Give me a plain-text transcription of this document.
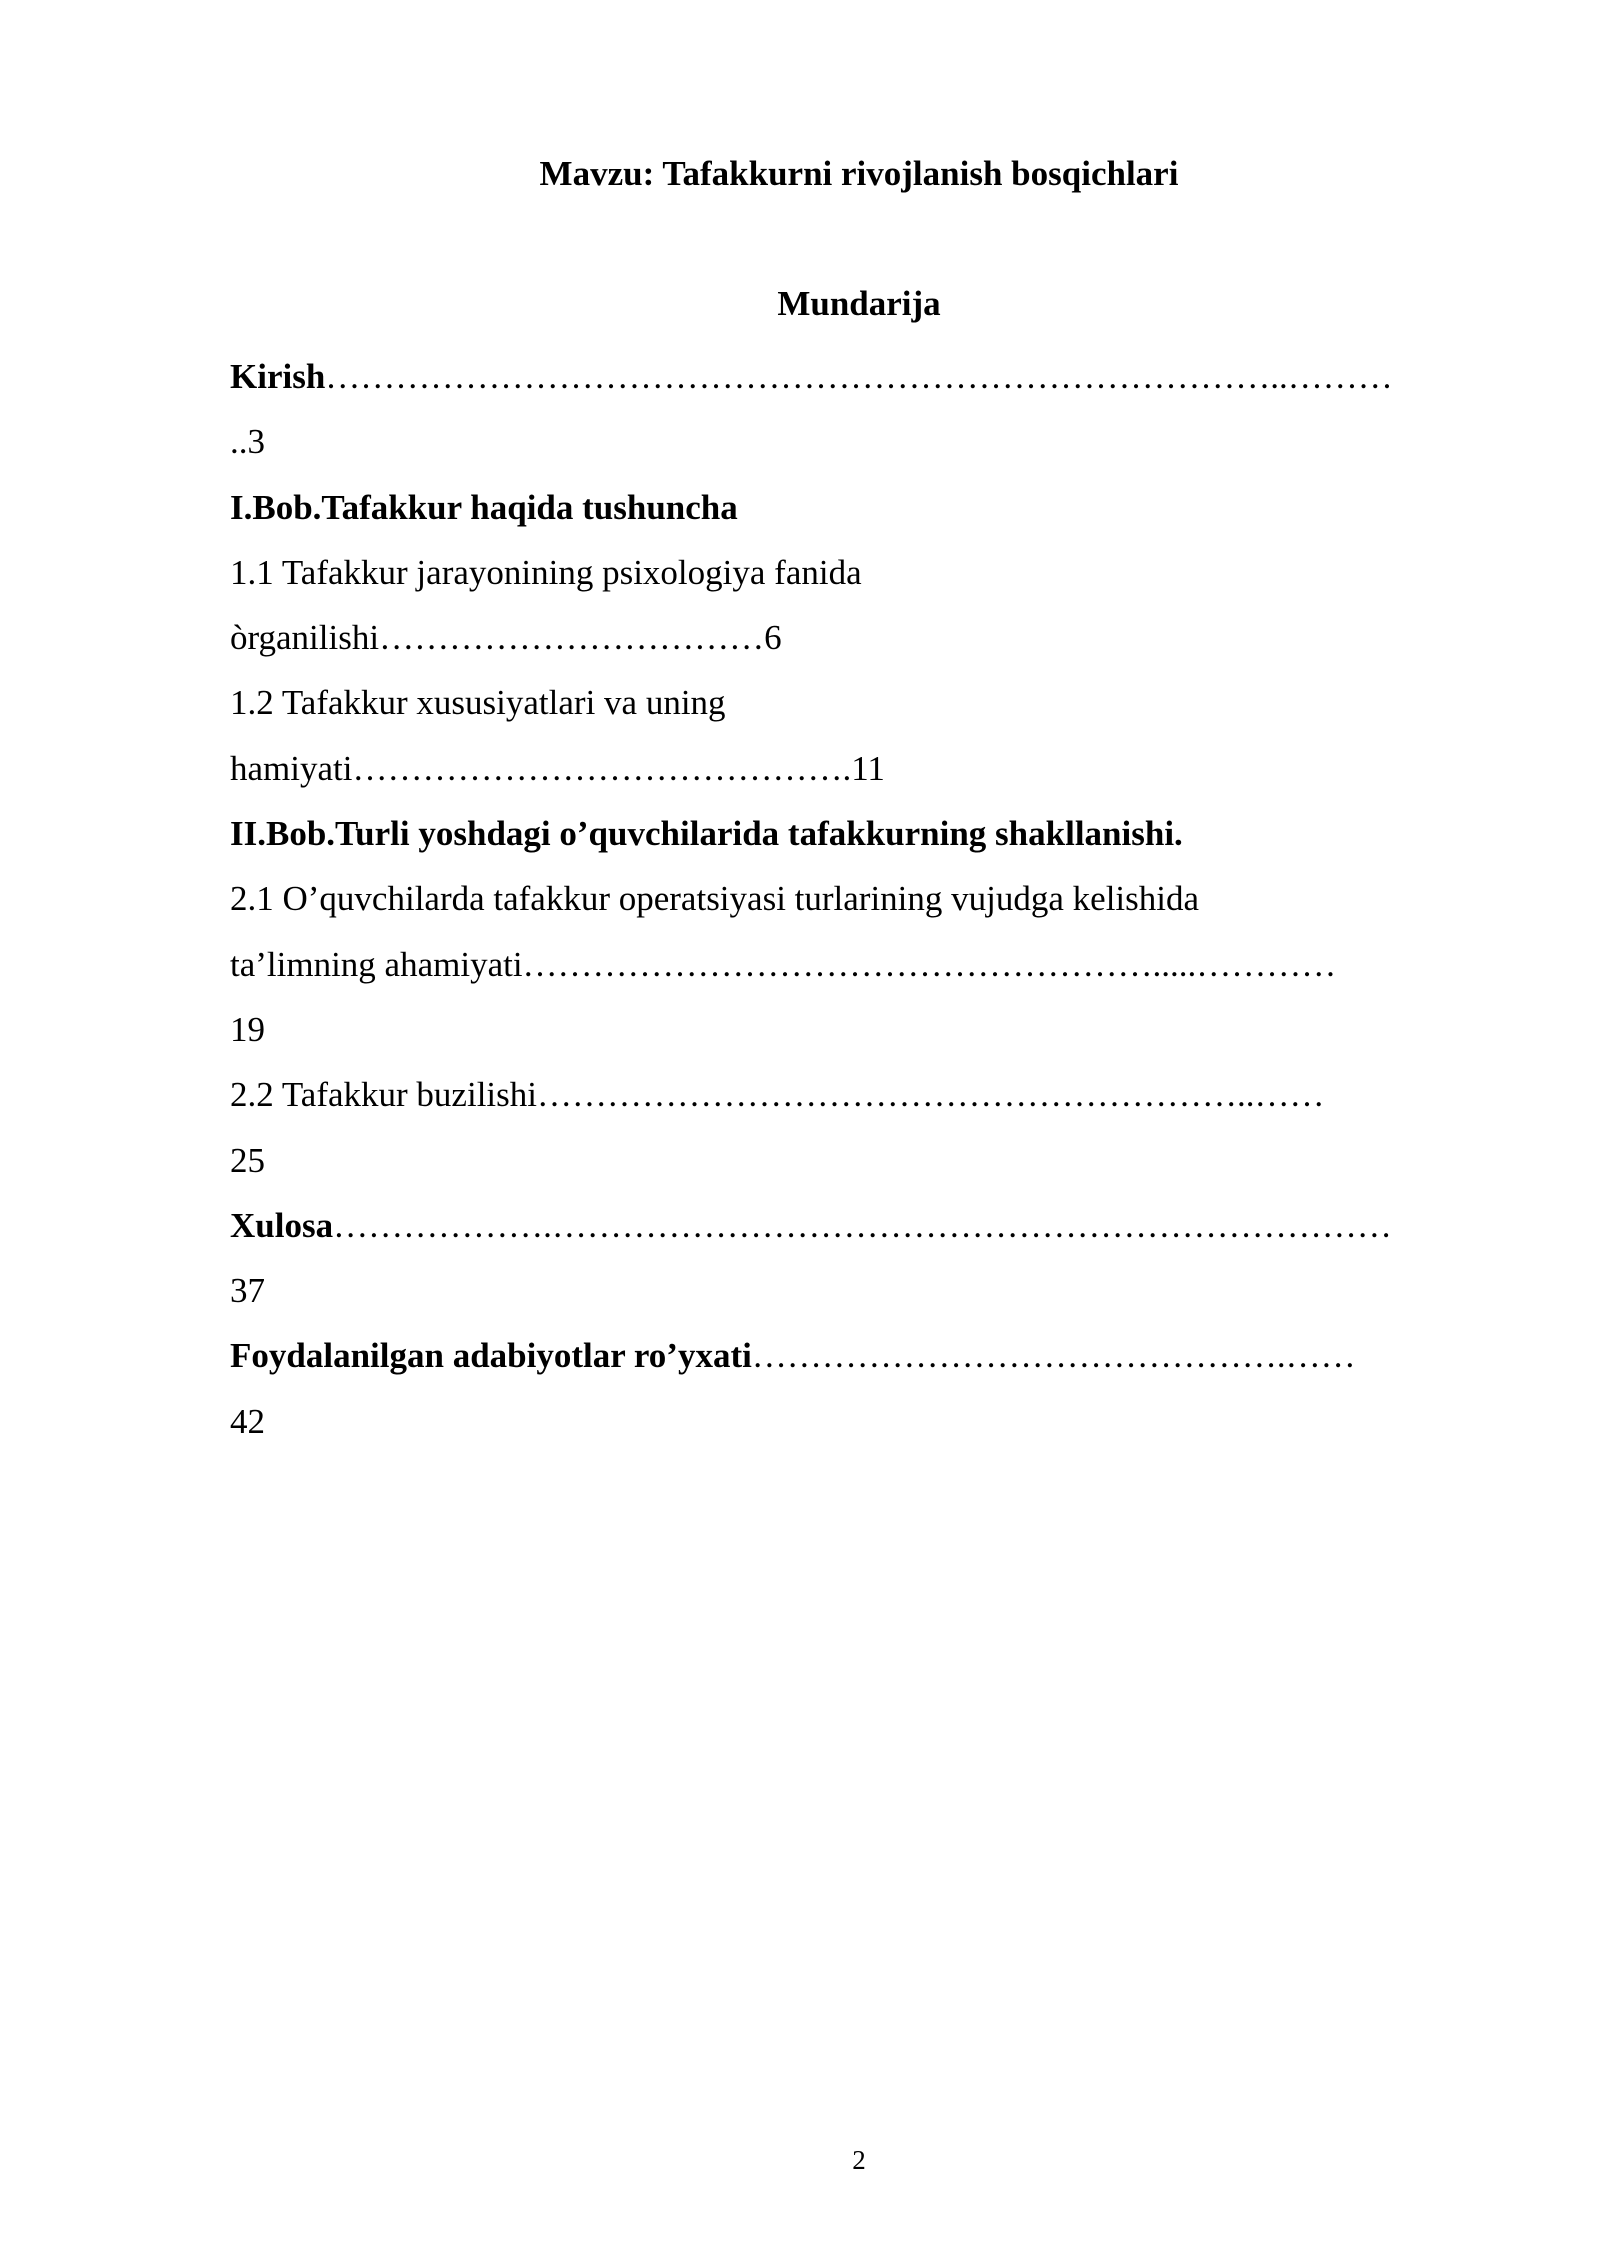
Mavzu: Tafakkurni rivojlanish bosqichlari
Mundarija
Kirish………………………………………………………………………..………
..3
I.Bob.Tafakkur haqida tushuncha
1.1 Tafakkur jarayonining psixologiya fanida
òrganilishi……………………………6
1.2 Tafakkur xususiyatlari va uning
hamiyati…………………………………….11
II.Bob.Turli yoshdagi o’quvchilarida tafakkurning shakllanishi.
2.1 O’quvchilarda tafakkur operatsiyasi turlarining vujudga kelishida
ta’limning ahamiyati……………………………………………….....…………
19
2.2 Tafakkur buzilishi……………………………………………………..……
25
Xulosa……………….………………………………………………………………
37
Foydalanilgan adabiyotlar ro’yxati……………………………………….……
42
2
